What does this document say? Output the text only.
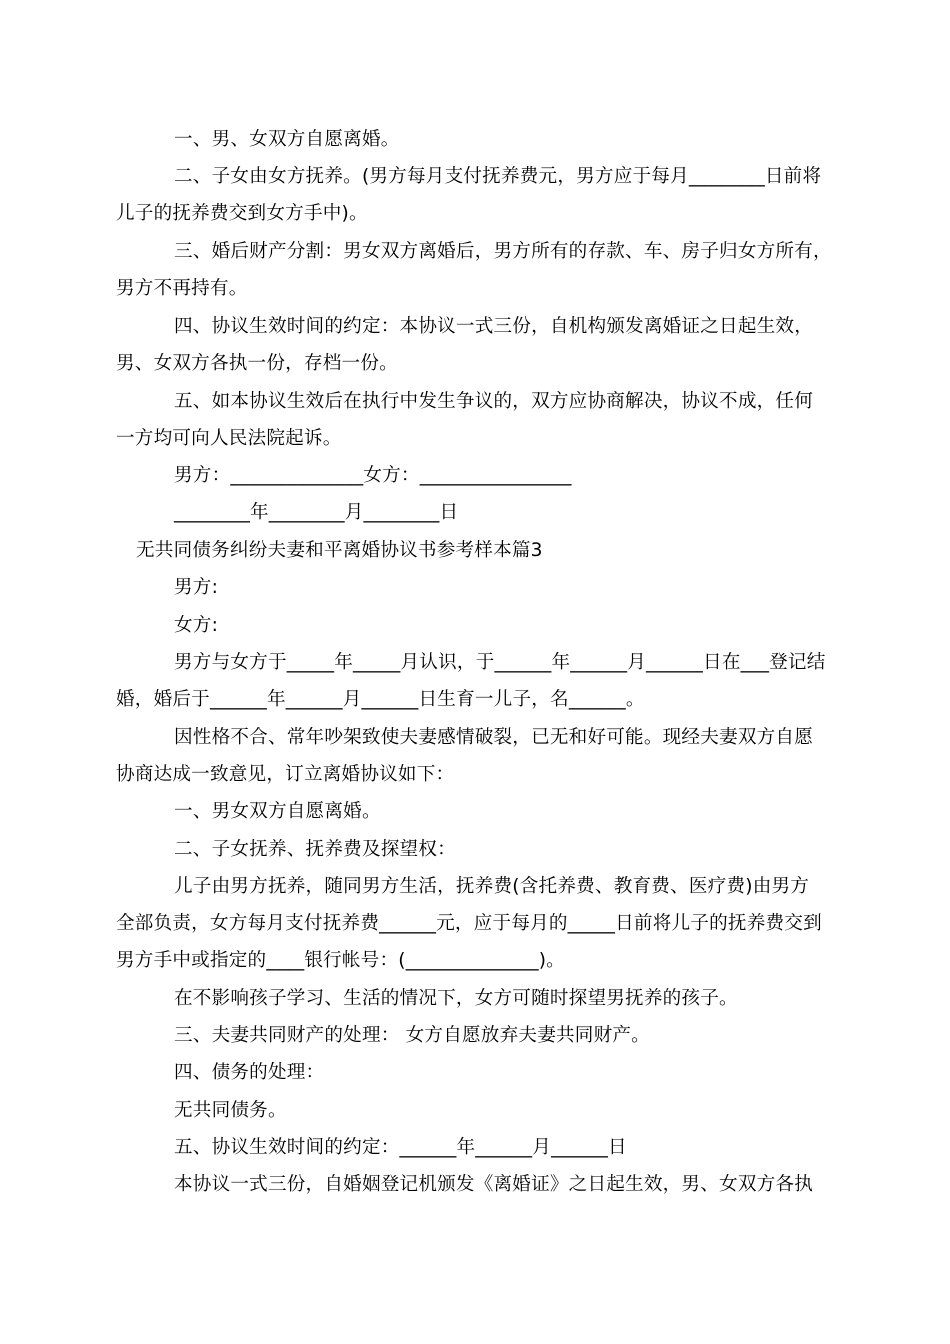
一、男、女双方自愿离婚。
二、子女由女方抚养。(男方每月支付抚养费元，男方应于每月________日前将
儿子的抚养费交到女方手中)。
三、婚后财产分割：男女双方离婚后，男方所有的存款、车、房子归女方所有，
男方不再持有。
四、协议生效时间的约定：本协议一式三份，自机构颁发离婚证之日起生效，
男、女双方各执一份，存档一份。
五、如本协议生效后在执行中发生争议的，双方应协商解决，协议不成，任何
一方均可向人民法院起诉。
男方：______________女方：________________
________年________月________日
无共同债务纠纷夫妻和平离婚协议书参考样本篇3
男方:
女方:
男方与女方于_____年_____月认识，于______年______月______日在___登记结
婚，婚后于______年______月______日生育一儿子，名______。
因性格不合、常年吵架致使夫妻感情破裂，已无和好可能。现经夫妻双方自愿
协商达成一致意见，订立离婚协议如下：
一、男女双方自愿离婚。
二、子女抚养、抚养费及探望权：
儿子由男方抚养，随同男方生活，抚养费(含托养费、教育费、医疗费)由男方
全部负责，女方每月支付抚养费______元，应于每月的_____日前将儿子的抚养费交到
男方手中或指定的____银行帐号：(______________)。
在不影响孩子学习、生活的情况下，女方可随时探望男抚养的孩子。
三、夫妻共同财产的处理： 女方自愿放弃夫妻共同财产。
四、债务的处理：
无共同债务。
五、协议生效时间的约定：______年______月______日
本协议一式三份，自婚姻登记机颁发《离婚证》之日起生效，男、女双方各执
